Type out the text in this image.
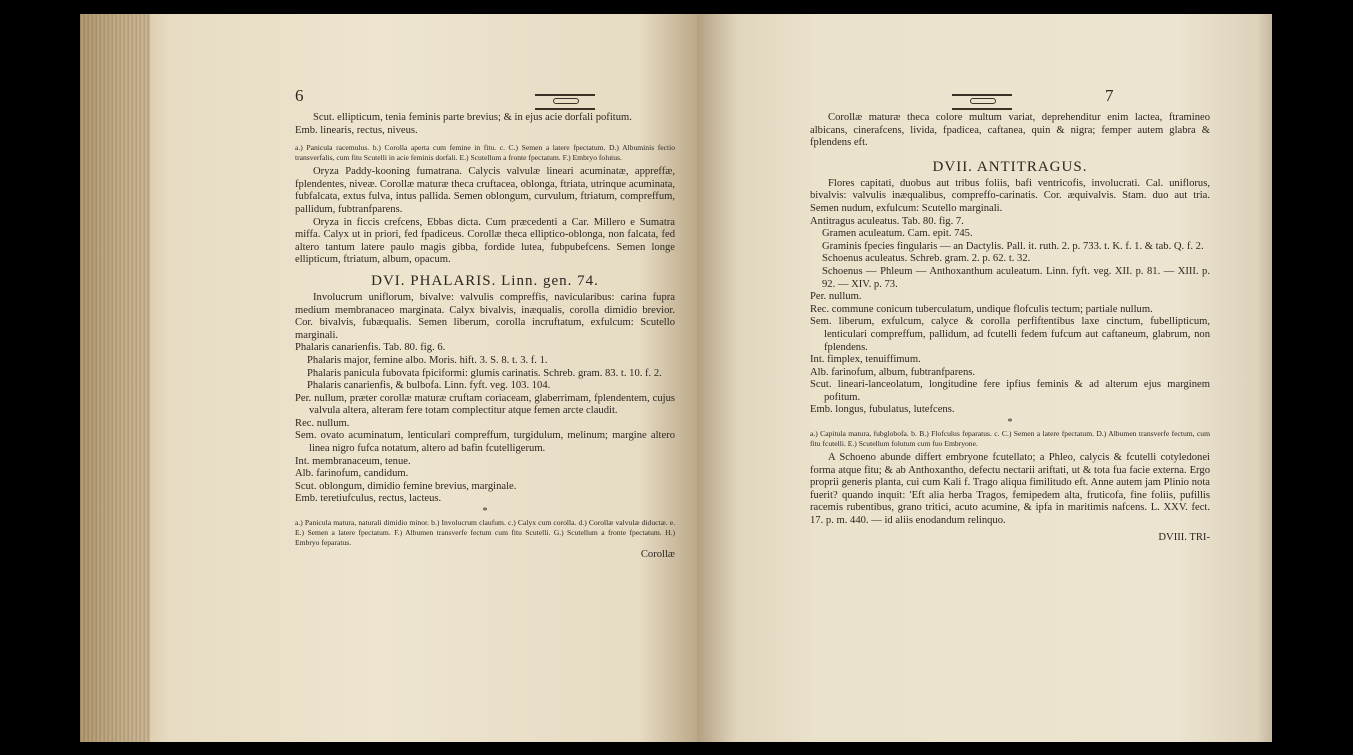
6

Scut. ellipticum, tenia feminis parte brevius; & in ejus acie dorfali pofitum.

Emb. linearis, rectus, niveus.

a.) Panicula racemulus. b.) Corolla aperta cum femine in fitu. c. C.) Semen a latere fpectatum. D.) Albuminis fectio transverfalis, cum fitu Scutelli in acie feminis dorfali. E.) Scutellum a fronte fpectatum. F.) Embryo folutus.

Oryza Paddy-kooning fumatrana. Calycis valvulæ lineari acuminatæ, appreffæ, fplendentes, niveæ. Corollæ maturæ theca cruftacea, oblonga, ftriata, utrinque acuminata, fubfalcata, extus fulva, intus pallida. Semen oblongum, curvulum, ftriatum, compreffum, pallidum, fubtranfparens.

Oryza in ficcis crefcens, Ebbas dicta. Cum præcedenti a Car. Millero e Sumatra miffa. Calyx ut in priori, fed fpadiceus. Corollæ theca elliptico-oblonga, non falcata, fed altero tantum latere paulo magis gibba, fordide lutea, fubpubefcens. Semen longe ellipticum, ftriatum, album, opacum.

DVI. PHALARIS. Linn. gen. 74.

Involucrum uniflorum, bivalve: valvulis compreffis, navicularibus: carina fupra medium membranaceo marginata. Calyx bivalvis, inæqualis, corolla dimidio brevior. Cor. bivalvis, fubæqualis. Semen liberum, corolla incruftatum, exfulcum: Scutello marginali.

Phalaris canarienfis. Tab. 80. fig. 6.

Phalaris major, femine albo. Moris. hift. 3. S. 8. t. 3. f. 1.

Phalaris panicula fubovata fpiciformi: glumis carinatis. Schreb. gram. 83. t. 10. f. 2.

Phalaris canarienfis, & bulbofa. Linn. fyft. veg. 103. 104.

Per. nullum, præter corollæ maturæ cruftam coriaceam, glaberrimam, fplendentem, cujus valvula altera, alteram fere totam complectitur atque femen arcte claudit.

Rec. nullum.

Sem. ovato acuminatum, lenticulari compreffum, turgidulum, melinum; margine altero linea nigro fufca notatum, altero ad bafin fcutelligerum.

Int. membranaceum, tenue.

Alb. farinofum, candidum.

Scut. oblongum, dimidio femine brevius, marginale.

Emb. teretiufculus, rectus, lacteus.

*

a.) Panicula matura, naturali dimidio minor. b.) Involucrum claufum. c.) Calyx cum corolla. d.) Corollæ valvulæ diductæ. e. E.) Semen a latere fpectatum. F.) Albumen transverfe fectum cum fitu Scutelli. G.) Scutellum a fronte fpectatum. H.) Embryo feparatus.

Corollæ
7

Corollæ maturæ theca colore multum variat, deprehenditur enim lactea, ftramineo albicans, cinerafcens, livida, fpadicea, caftanea, quin & nigra; femper autem glabra & fplendens eft.

DVII. ANTITRAGUS.

Flores capitati, duobus aut tribus foliis, bafi ventricofis, involucrati. Cal. uniflorus, bivalvis: valvulis inæqualibus, compreffo-carinatis. Cor. æquivalvis. Stam. duo aut tria. Semen nudum, exfulcum: Scutello marginali.

Antitragus aculeatus. Tab. 80. fig. 7.

Gramen aculeatum. Cam. epit. 745.

Graminis fpecies fingularis — an Dactylis. Pall. it. ruth. 2. p. 733. t. K. f. 1. & tab. Q. f. 2.

Schoenus aculeatus. Schreb. gram. 2. p. 62. t. 32.

Schoenus — Phleum — Anthoxanthum aculeatum. Linn. fyft. veg. XII. p. 81. — XIII. p. 92. — XIV. p. 73.

Per. nullum.

Rec. commune conicum tuberculatum, undique flofculis tectum; partiale nullum.

Sem. liberum, exfulcum, calyce & corolla perfiftentibus laxe cinctum, fubellipticum, lenticulari compreffum, pallidum, ad fcutelli fedem fufcum aut caftaneum, glabrum, non fplendens.

Int. fimplex, tenuiffimum.

Alb. farinofum, album, fubtranfparens.

Scut. lineari-lanceolatum, longitudine fere ipfius feminis & ad alterum ejus marginem pofitum.

Emb. longus, fubulatus, lutefcens.

*

a.) Capitula matura, fubglobofa. b. B.) Flofculus feparatus. c. C.) Semen a latere fpectatum. D.) Albumen transverfe fectum, cum fitu fcutelli. E.) Scutellum folutum cum fuo Embryone.

A Schoeno abunde differt embryone fcutellato; a Phleo, calycis & fcutelli cotyledonei forma atque fitu; & ab Anthoxantho, defectu nectarii ariftati, ut & tota fua facie externa. Ergo proprii generis planta, cui cum Kali f. Trago aliqua fimilitudo eft. Anne autem jam Plinio nota fuerit? quando inquit: 'Eft alia herba Tragos, femipedem alta, fruticofa, fine foliis, pufillis racemis rubentibus, grano tritici, acuto acumine, & ipfa in maritimis nafcens. L. XXV. fect. 17. p. m. 440. — id aliis enodandum relinquo.

DVIII. TRI-
